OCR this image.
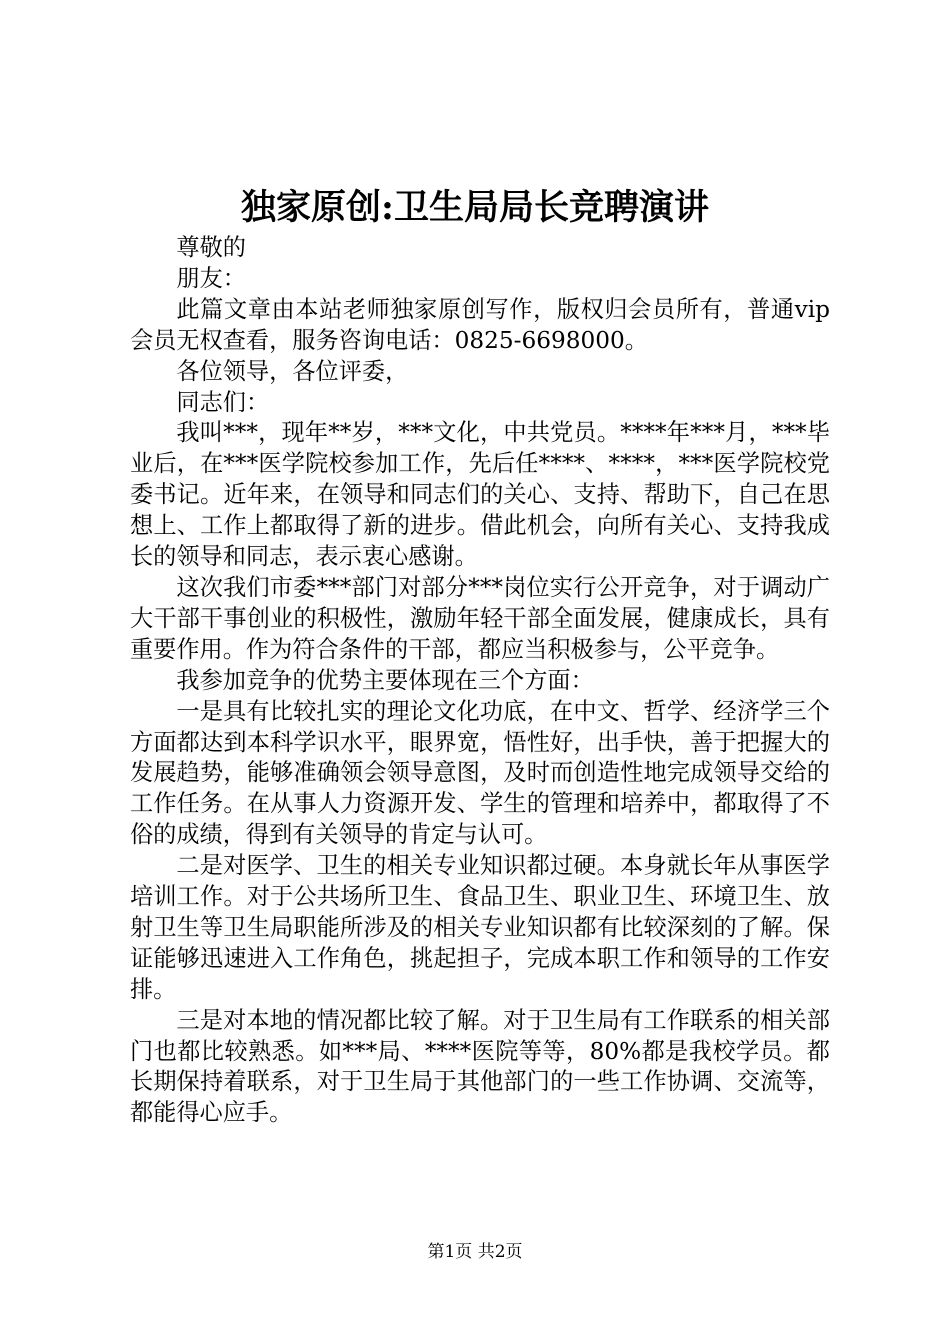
独家原创:卫生局局长竞聘演讲

尊敬的

朋友：

此篇文章由本站老师独家原创写作，版权归会员所有，普通vip会员无权查看，服务咨询电话：0825-6698000。

各位领导，各位评委，

同志们：

我叫***，现年**岁，***文化，中共党员。****年***月，***毕业后，在***医学院校参加工作，先后任****、****，***医学院校党委书记。近年来，在领导和同志们的关心、支持、帮助下，自己在思想上、工作上都取得了新的进步。借此机会，向所有关心、支持我成长的领导和同志，表示衷心感谢。

这次我们市委***部门对部分***岗位实行公开竞争，对于调动广大干部干事创业的积极性，激励年轻干部全面发展，健康成长，具有重要作用。作为符合条件的干部，都应当积极参与，公平竞争。

我参加竞争的优势主要体现在三个方面：

一是具有比较扎实的理论文化功底，在中文、哲学、经济学三个方面都达到本科学识水平，眼界宽，悟性好，出手快，善于把握大的发展趋势，能够准确领会领导意图，及时而创造性地完成领导交给的工作任务。在从事人力资源开发、学生的管理和培养中，都取得了不俗的成绩，得到有关领导的肯定与认可。

二是对医学、卫生的相关专业知识都过硬。本身就长年从事医学培训工作。对于公共场所卫生、食品卫生、职业卫生、环境卫生、放射卫生等卫生局职能所涉及的相关专业知识都有比较深刻的了解。保证能够迅速进入工作角色，挑起担子，完成本职工作和领导的工作安排。

三是对本地的情况都比较了解。对于卫生局有工作联系的相关部门也都比较熟悉。如***局、****医院等等，80%都是我校学员。都长期保持着联系，对于卫生局于其他部门的一些工作协调、交流等，都能得心应手。

第1页 共2页
